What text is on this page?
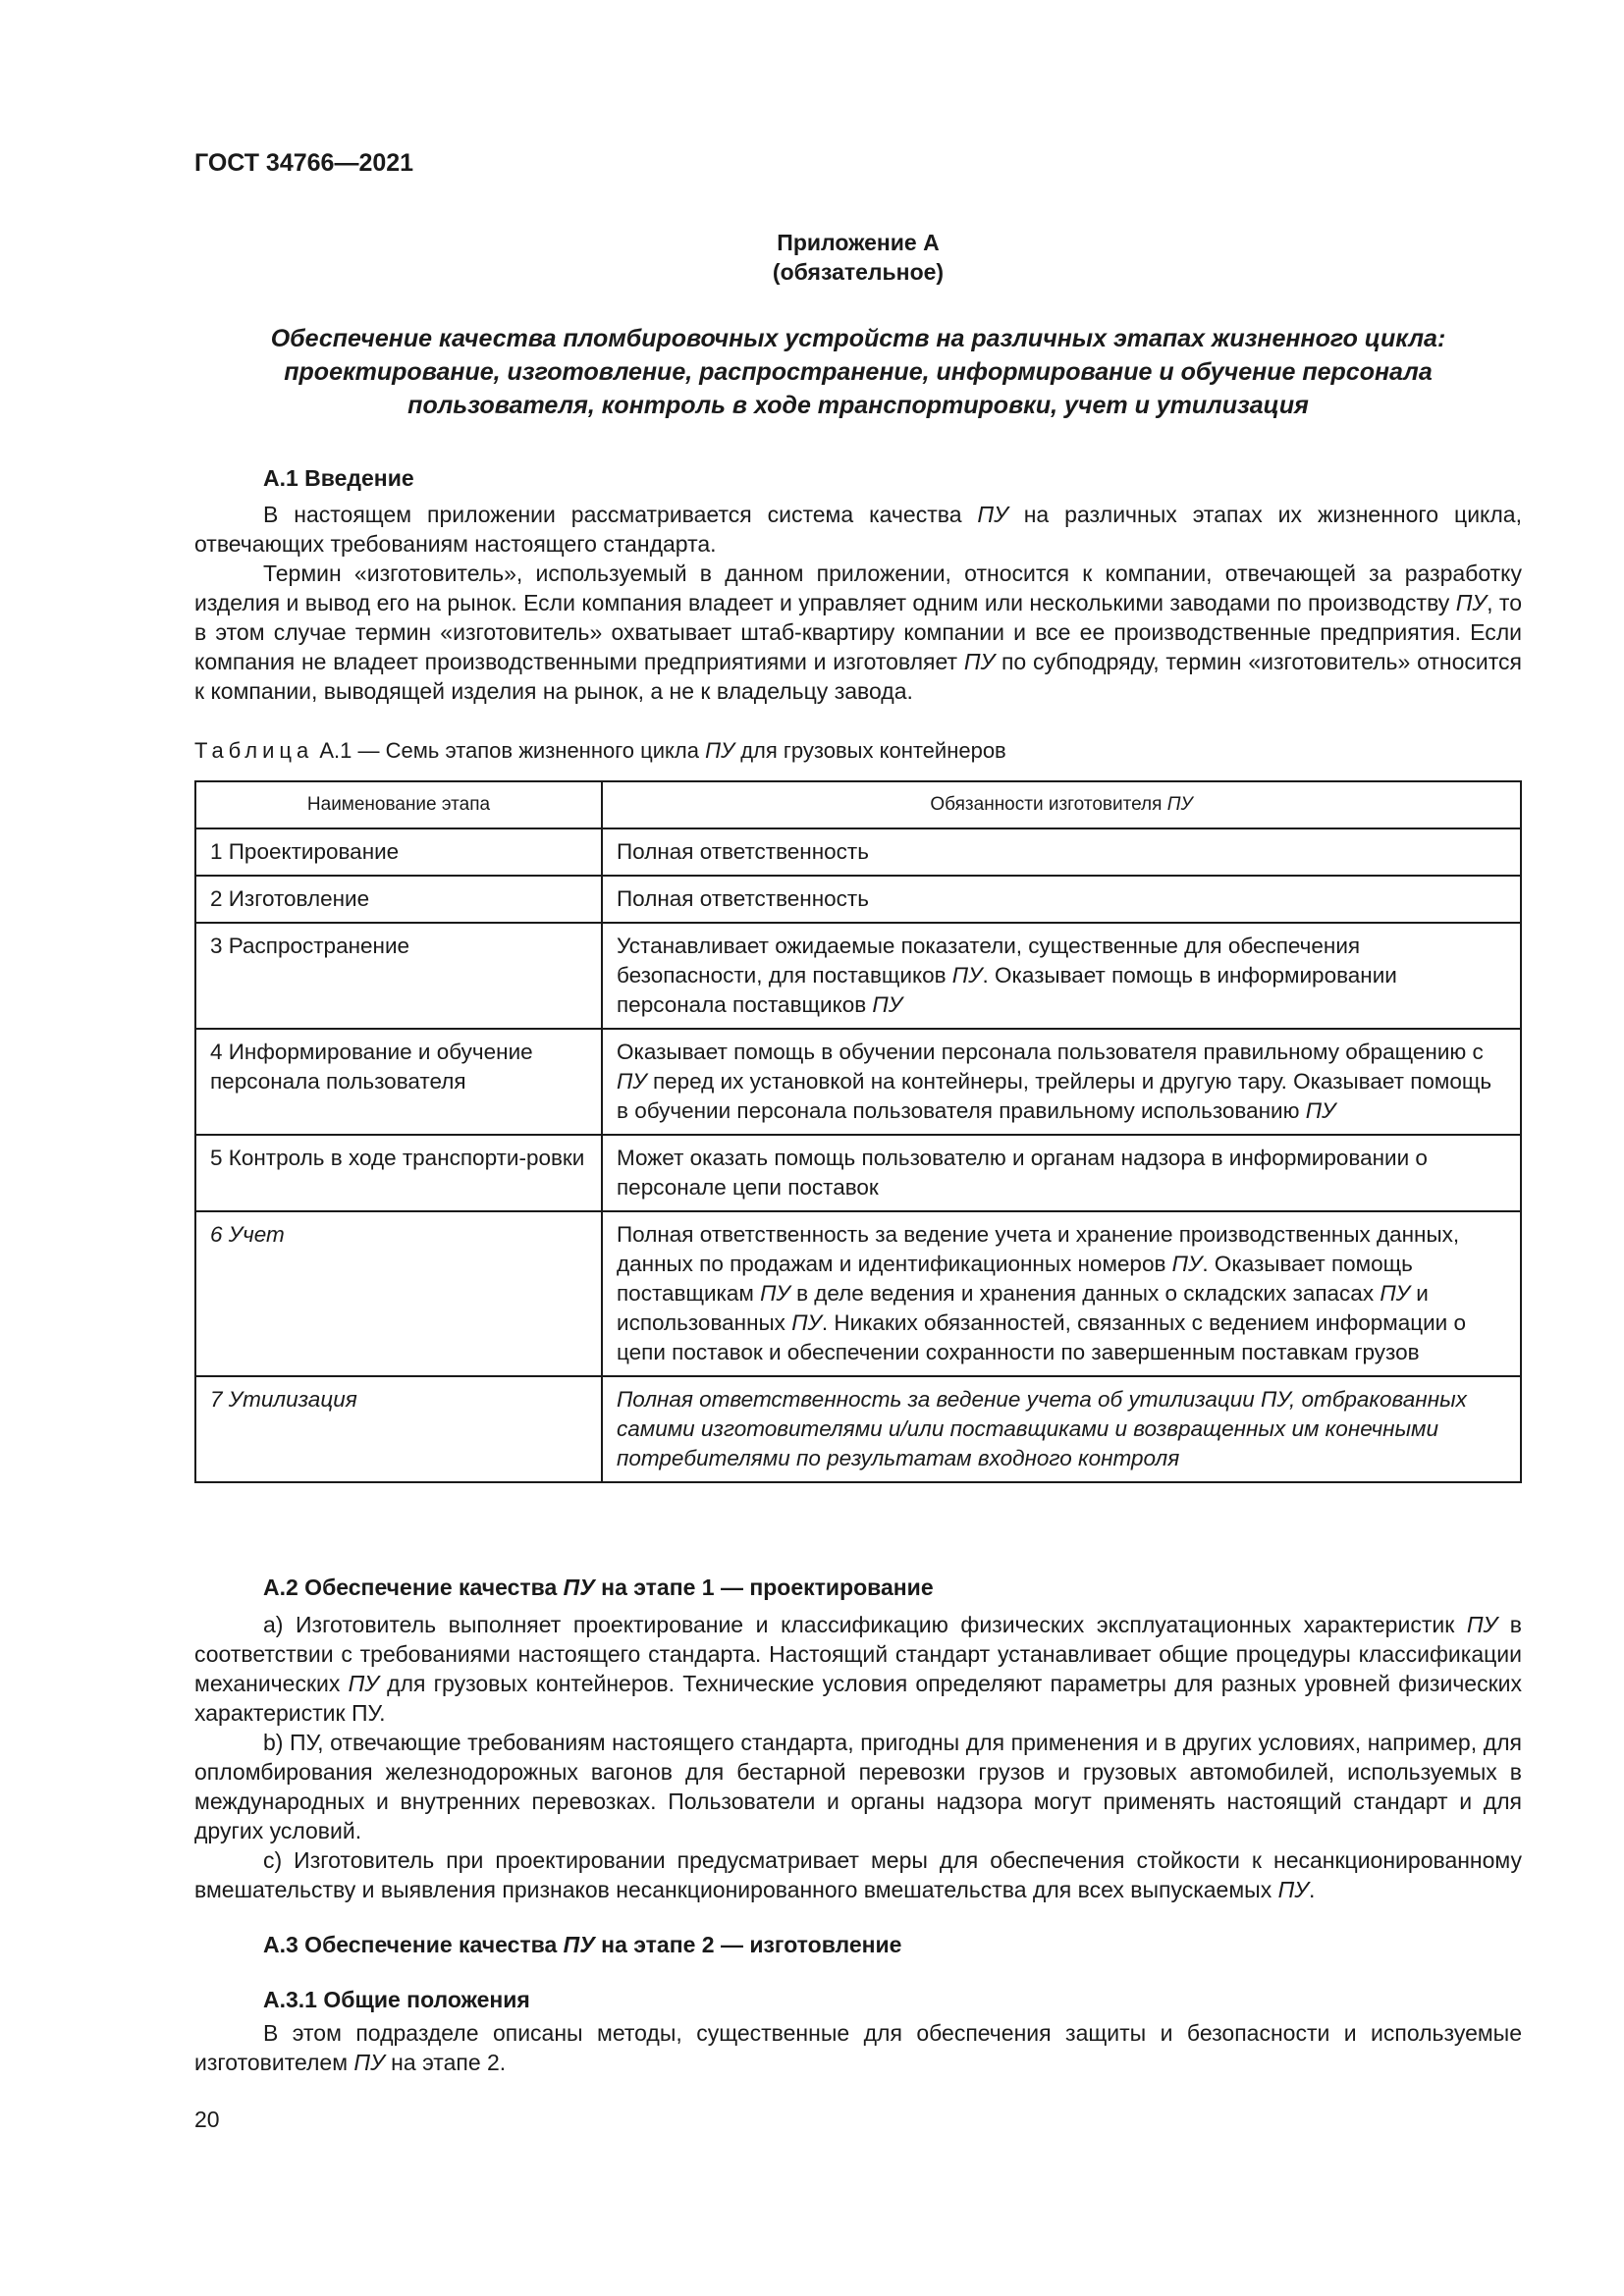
ГОСТ 34766—2021
Приложение А
(обязательное)
Обеспечение качества пломбировочных устройств на различных этапах жизненного цикла:
проектирование, изготовление, распространение, информирование и обучение персонала
пользователя, контроль в ходе транспортировки, учет и утилизация
А.1 Введение

В настоящем приложении рассматривается система качества ПУ на различных этапах их жизненного цикла, отвечающих требованиям настоящего стандарта.

Термин «изготовитель», используемый в данном приложении, относится к компании, отвечающей за разработку изделия и вывод его на рынок. Если компания владеет и управляет одним или несколькими заводами по производству ПУ, то в этом случае термин «изготовитель» охватывает штаб-квартиру компании и все ее производственные предприятия. Если компания не владеет производственными предприятиями и изготовляет ПУ по субподряду, термин «изготовитель» относится к компании, выводящей изделия на рынок, а не к владельцу завода.

Таблица А.1 — Семь этапов жизненного цикла ПУ для грузовых контейнеров
Наименование этапа	Обязанности изготовителя ПУ
1 Проектирование	Полная ответственность
2 Изготовление	Полная ответственность
3 Распространение	Устанавливает ожидаемые показатели, существенные для обеспечения безопасности, для поставщиков ПУ. Оказывает помощь в информировании персонала поставщиков ПУ
4 Информирование и обучение персонала пользователя	Оказывает помощь в обучении персонала пользователя правильному обращению с ПУ перед их установкой на контейнеры, трейлеры и другую тару. Оказывает помощь в обучении персонала пользователя правильному использованию ПУ
5 Контроль в ходе транспорти-ровки	Может оказать помощь пользователю и органам надзора в информировании о персонале цепи поставок
6 Учет	Полная ответственность за ведение учета и хранение производственных данных, данных по продажам и идентификационных номеров ПУ. Оказывает помощь поставщикам ПУ в деле ведения и хранения данных о складских запасах ПУ и использованных ПУ. Никаких обязанностей, связанных с ведением информации о цепи поставок и обеспечении сохранности по завершенным поставкам грузов
7 Утилизация	Полная ответственность за ведение учета об утилизации ПУ, отбракованных самими изготовителями и/или поставщиками и возвращенных им конечными потребителями по результатам входного контроля
А.2 Обеспечение качества ПУ на этапе 1 — проектирование

a) Изготовитель выполняет проектирование и классификацию физических эксплуатационных характеристик ПУ в соответствии с требованиями настоящего стандарта. Настоящий стандарт устанавливает общие процедуры классификации механических ПУ для грузовых контейнеров. Технические условия определяют параметры для разных уровней физических характеристик ПУ.

b) ПУ, отвечающие требованиям настоящего стандарта, пригодны для применения и в других условиях, например, для опломбирования железнодорожных вагонов для бестарной перевозки грузов и грузовых автомобилей, используемых в международных и внутренних перевозках. Пользователи и органы надзора могут применять настоящий стандарт и для других условий.

c) Изготовитель при проектировании предусматривает меры для обеспечения стойкости к несанкционированному вмешательству и выявления признаков несанкционированного вмешательства для всех выпускаемых ПУ.

А.3 Обеспечение качества ПУ на этапе 2 — изготовление
А.3.1 Общие положения

В этом подразделе описаны методы, существенные для обеспечения защиты и безопасности и используемые изготовителем ПУ на этапе 2.

20
